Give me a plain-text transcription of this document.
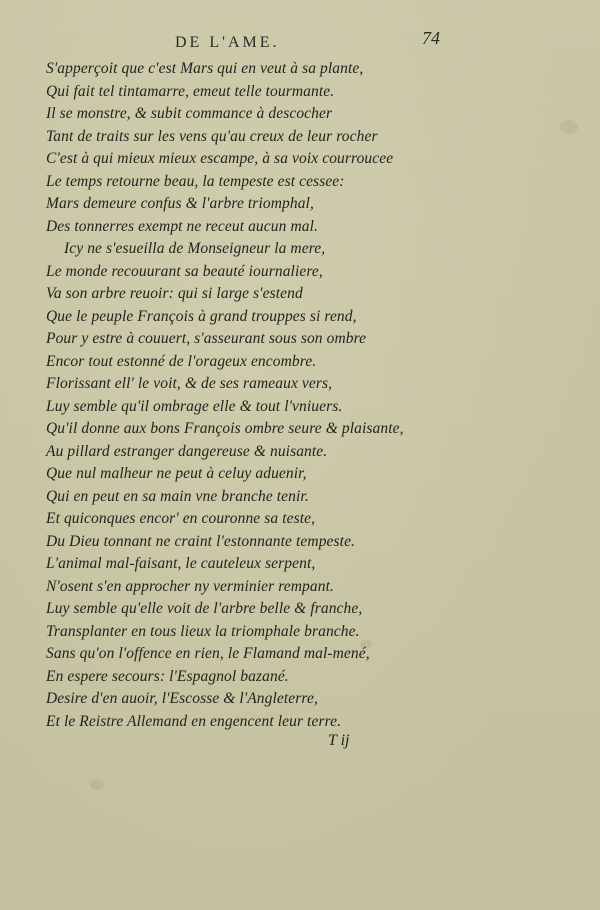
DE L'AME.	74
S'apperçoit que c'est Mars qui en veut à sa plante,
Qui fait tel tintamarre, emeut telle tourmante.
Il se monstre, & subit commance à descocher
Tant de traits sur les vens qu'au creux de leur rocher
C'est à qui mieux mieux escampe, à sa voix courroucee
Le temps retourne beau, la tempeste est cessee:
Mars demeure confus & l'arbre triomphal,
Des tonnerres exempt ne receut aucun mal.
Icy ne s'esueilla de Monseigneur la mere,
Le monde recouurant sa beauté iournaliere,
Va son arbre reuoir: qui si large s'estend
Que le peuple François à grand trouppes si rend,
Pour y estre à couuert, s'asseurant sous son ombre
Encor tout estonné de l'orageux encombre.
Florissant ell' le voit, & de ses rameaux vers,
Luy semble qu'il ombrage elle & tout l'vniuers.
Qu'il donne aux bons François ombre seure & plaisante,
Au pillard estranger dangereuse & nuisante.
Que nul malheur ne peut à celuy aduenir,
Qui en peut en sa main vne branche tenir.
Et quiconques encor' en couronne sa teste,
Du Dieu tonnant ne craint l'estonnante tempeste.
L'animal mal-faisant, le cauteleux serpent,
N'osent s'en approcher ny verminier rempant.
Luy semble qu'elle voit de l'arbre belle & franche,
Transplanter en tous lieux la triomphale branche.
Sans qu'on l'offence en rien, le Flamand mal-mené,
En espere secours: l'Espagnol bazané.
Desire d'en auoir, l'Escosse & l'Angleterre,
Et le Reistre Allemand en engencent leur terre.
T ij
